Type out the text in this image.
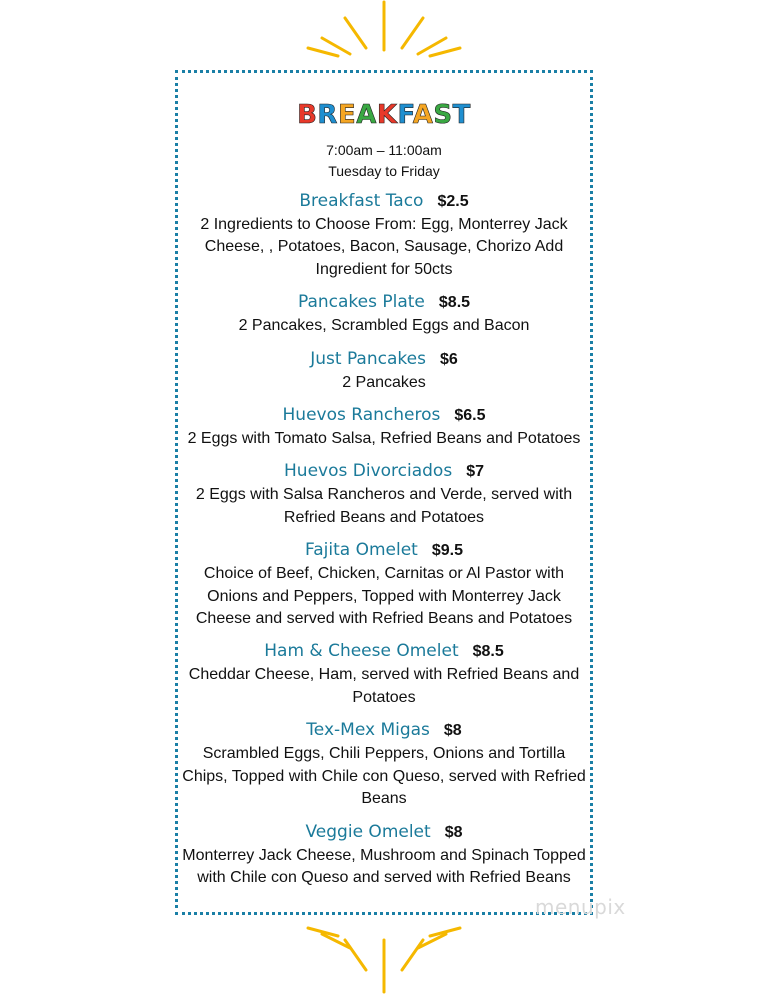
BREAKFAST
7:00am – 11:00am
Tuesday to Friday
Breakfast Taco $2.5
2 Ingredients to Choose From: Egg, Monterrey Jack Cheese, , Potatoes, Bacon, Sausage, Chorizo Add Ingredient for 50cts
Pancakes Plate $8.5
2 Pancakes, Scrambled Eggs and Bacon
Just Pancakes $6
2 Pancakes
Huevos Rancheros $6.5
2 Eggs with Tomato Salsa, Refried Beans and Potatoes
Huevos Divorciados $7
2 Eggs with Salsa Rancheros and Verde, served with Refried Beans and Potatoes
Fajita Omelet $9.5
Choice of Beef, Chicken, Carnitas or Al Pastor with Onions and Peppers, Topped with Monterrey Jack Cheese and served with Refried Beans and Potatoes
Ham & Cheese Omelet $8.5
Cheddar Cheese, Ham, served with Refried Beans and Potatoes
Tex-Mex Migas $8
Scrambled Eggs, Chili Peppers, Onions and Tortilla Chips, Topped with Chile con Queso, served with Refried Beans
Veggie Omelet $8
Monterrey Jack Cheese, Mushroom and Spinach Topped with Chile con Queso and served with Refried Beans
menupix
